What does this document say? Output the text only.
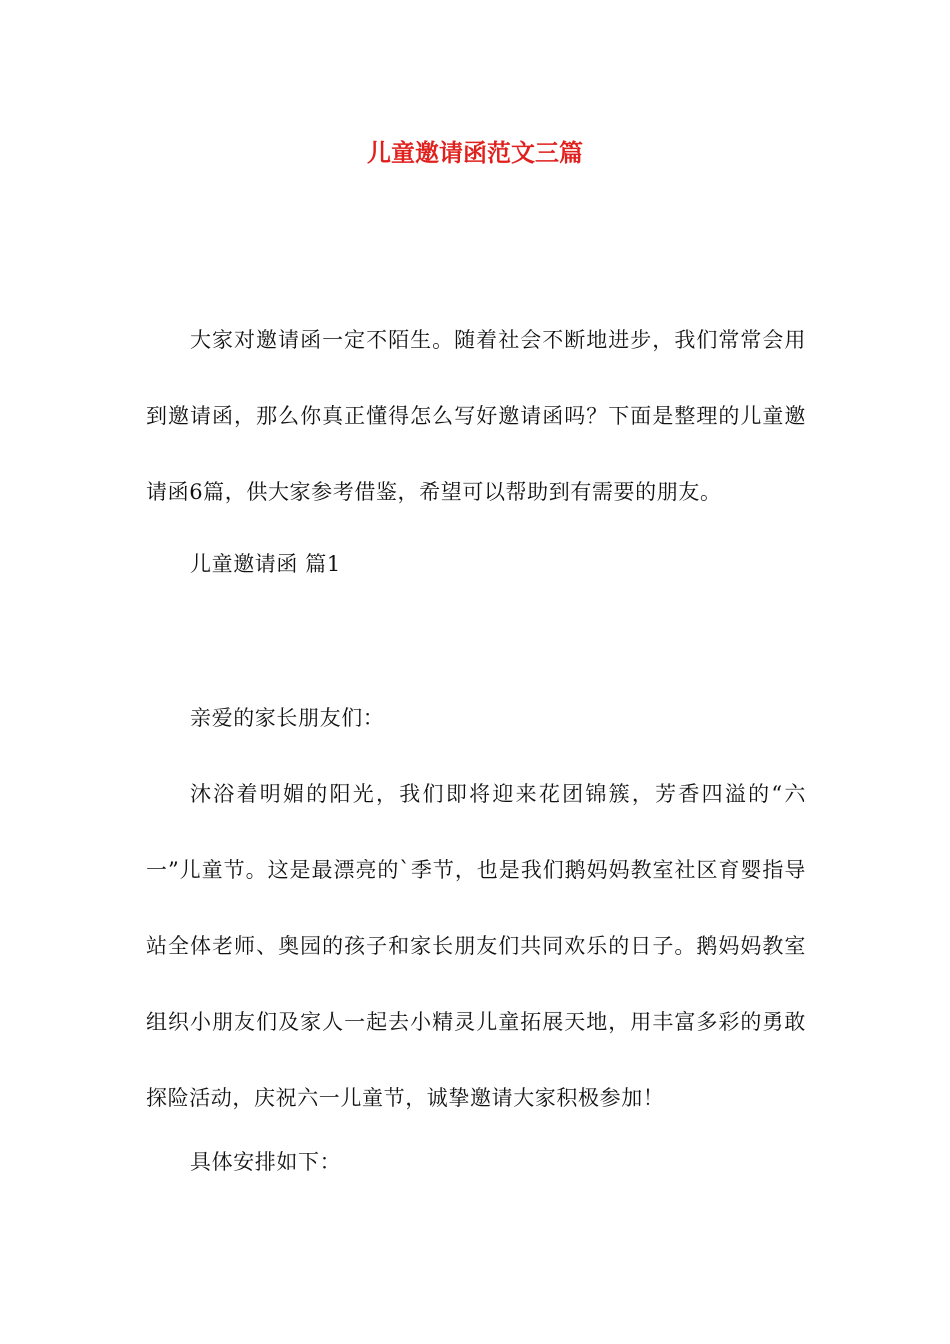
儿童邀请函范文三篇

大家对邀请函一定不陌生。随着社会不断地进步，我们常常会用到邀请函，那么你真正懂得怎么写好邀请函吗？下面是整理的儿童邀请函6篇，供大家参考借鉴，希望可以帮助到有需要的朋友。

儿童邀请函 篇1

亲爱的家长朋友们：

沐浴着明媚的阳光，我们即将迎来花团锦簇，芳香四溢的“六一”儿童节。这是最漂亮的`季节，也是我们鹅妈妈教室社区育婴指导站全体老师、奥园的孩子和家长朋友们共同欢乐的日子。鹅妈妈教室组织小朋友们及家人一起去小精灵儿童拓展天地，用丰富多彩的勇敢探险活动，庆祝六一儿童节，诚挚邀请大家积极参加！

具体安排如下：
